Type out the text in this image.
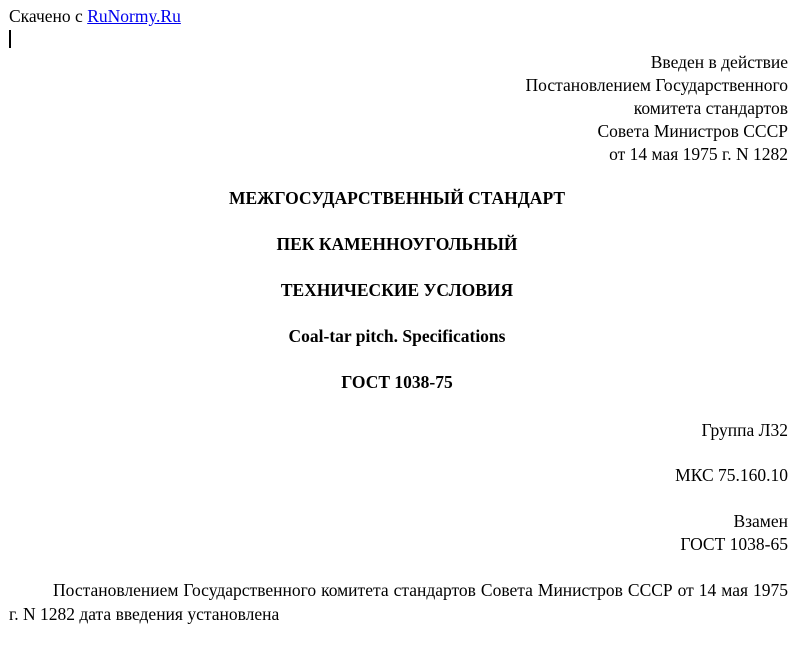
Скачено с RuNormy.Ru
Введен в действие
Постановлением Государственного
комитета стандартов
Совета Министров СССР
от 14 мая 1975 г. N 1282
МЕЖГОСУДАРСТВЕННЫЙ СТАНДАРТ
ПЕК КАМЕННОУГОЛЬНЫЙ
ТЕХНИЧЕСКИЕ УСЛОВИЯ
Coal-tar pitch. Specifications
ГОСТ 1038-75
Группа Л32
МКС 75.160.10
Взамен
ГОСТ 1038-65
Постановлением Государственного комитета стандартов Совета Министров СССР от 14 мая 1975 г. N 1282 дата введения установлена
